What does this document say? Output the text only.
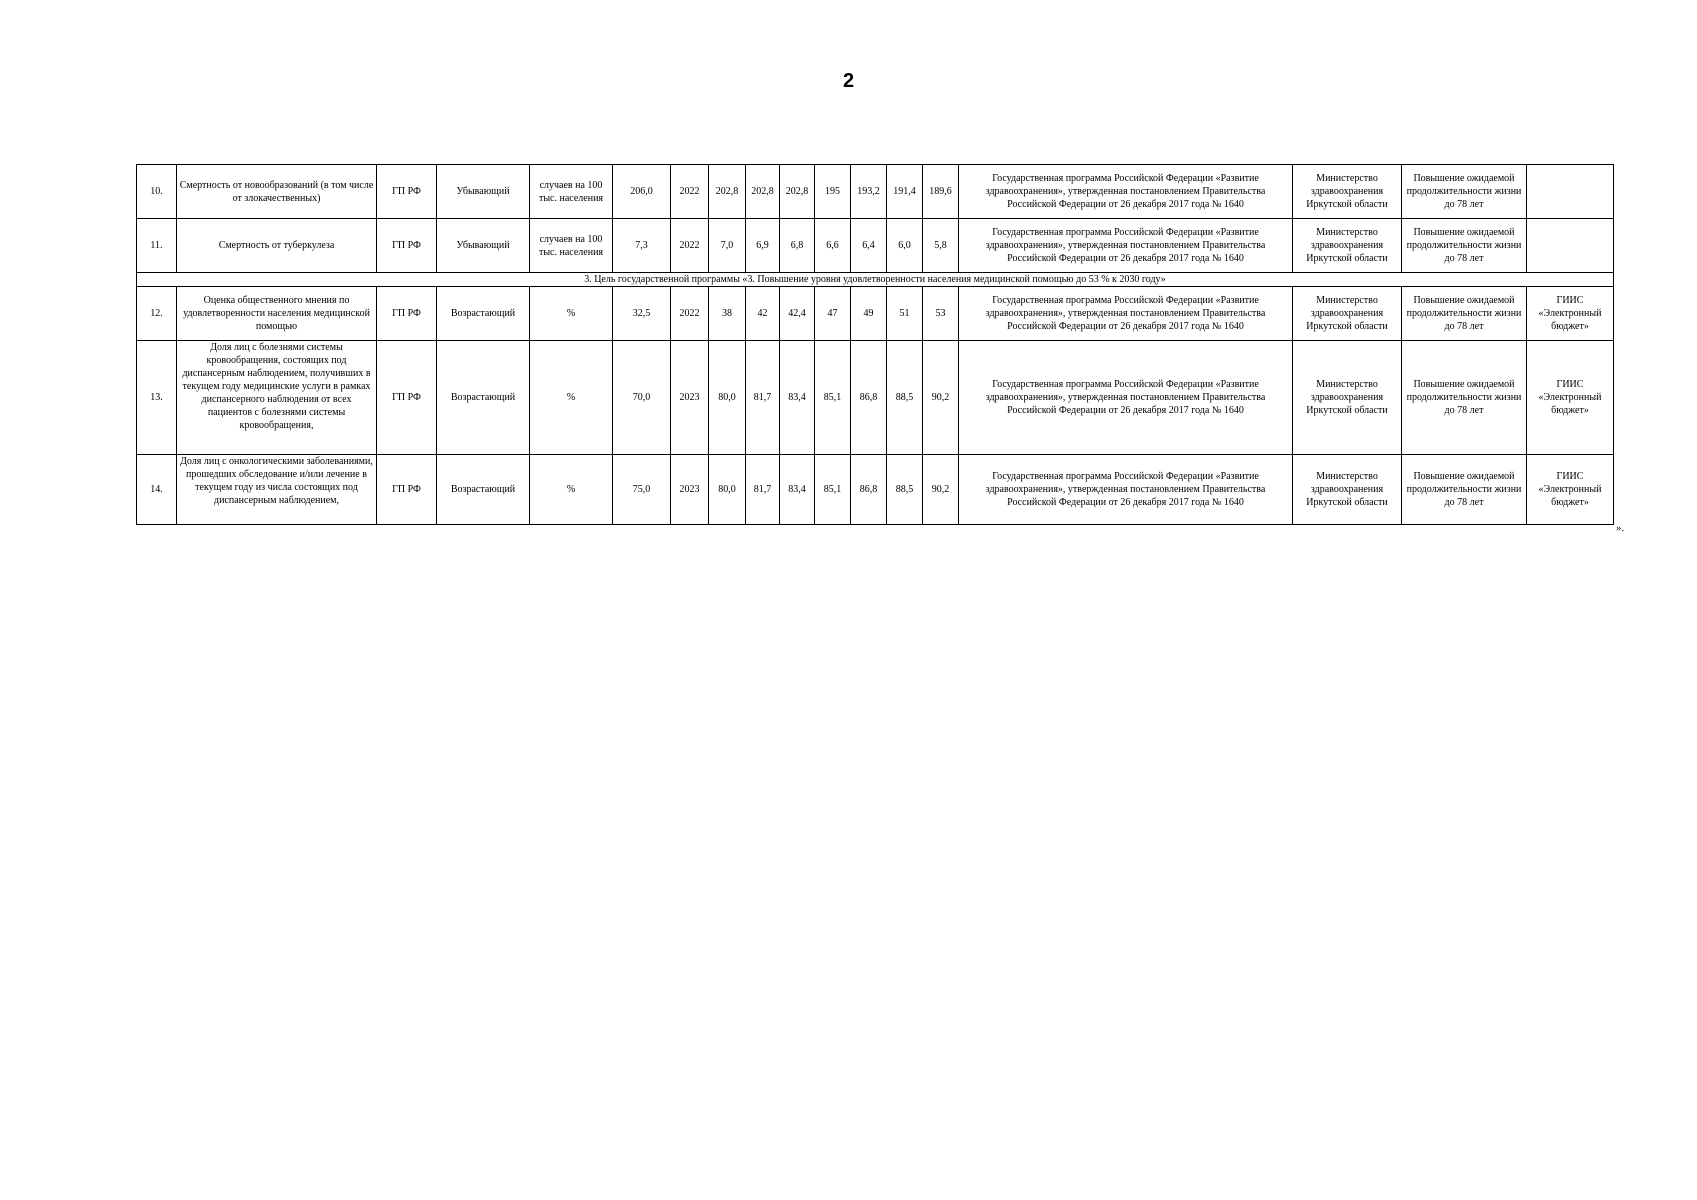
2
10.	Смертность от новообразований (в том числе от злокачественных)	ГП РФ	Убывающий	случаев на 100 тыс. населения	206,0	2022	202,8	202,8	202,8	195	193,2	191,4	189,6	Государственная программа Российской Федерации «Развитие здравоохранения», утвержденная постановлением Правительства Российской Федерации от 26 декабря 2017 года № 1640	Министерство здравоохранения Иркутской области	Повышение ожидаемой продолжительности жизни до 78 лет	
11.	Смертность от туберкулеза	ГП РФ	Убывающий	случаев на 100 тыс. населения	7,3	2022	7,0	6,9	6,8	6,6	6,4	6,0	5,8	Государственная программа Российской Федерации «Развитие здравоохранения», утвержденная постановлением Правительства Российской Федерации от 26 декабря 2017 года № 1640	Министерство здравоохранения Иркутской области	Повышение ожидаемой продолжительности жизни до 78 лет	
3. Цель государственной программы «3. Повышение уровня удовлетворенности населения медицинской помощью до 53 % к 2030 году»																	
12.	Оценка общественного мнения по удовлетворенности населения медицинской помощью	ГП РФ	Возрастающий	%	32,5	2022	38	42	42,4	47	49	51	53	Государственная программа Российской Федерации «Развитие здравоохранения», утвержденная постановлением Правительства Российской Федерации от 26 декабря 2017 года № 1640	Министерство здравоохранения Иркутской области	Повышение ожидаемой продолжительности жизни до 78 лет	ГИИС «Электронный бюджет»
13.	Доля лиц с болезнями системы кровообращения, состоящих под диспансерным наблюдением, получивших в текущем году медицинские услуги в рамках диспансерного наблюдения от всех пациентов с болезнями системы кровообращения,	ГП РФ	Возрастающий	%	70,0	2023	80,0	81,7	83,4	85,1	86,8	88,5	90,2	Государственная программа Российской Федерации «Развитие здравоохранения», утвержденная постановлением Правительства Российской Федерации от 26 декабря 2017 года № 1640	Министерство здравоохранения Иркутской области	Повышение ожидаемой продолжительности жизни до 78 лет	ГИИС «Электронный бюджет»
14.	Доля лиц с онкологическими заболеваниями, прошедших обследование и/или лечение в текущем году из числа состоящих под диспансерным наблюдением,	ГП РФ	Возрастающий	%	75,0	2023	80,0	81,7	83,4	85,1	86,8	88,5	90,2	Государственная программа Российской Федерации «Развитие здравоохранения», утвержденная постановлением Правительства Российской Федерации от 26 декабря 2017 года № 1640	Министерство здравоохранения Иркутской области	Повышение ожидаемой продолжительности жизни до 78 лет	ГИИС «Электронный бюджет»
».
